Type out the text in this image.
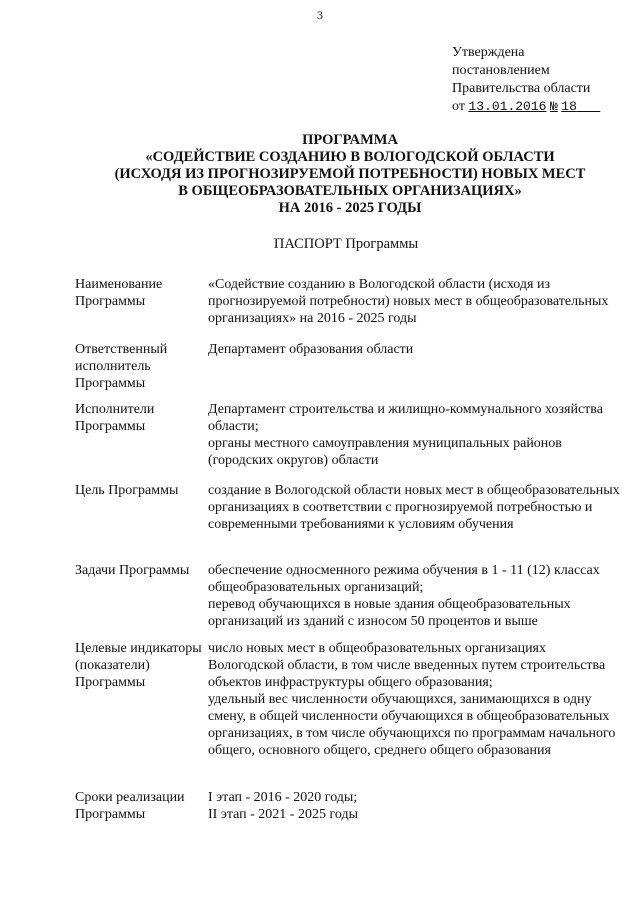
3
Утверждена
постановлением
Правительства области
от 13.01.2016 № 18
ПРОГРАММА
«СОДЕЙСТВИЕ СОЗДАНИЮ В ВОЛОГОДСКОЙ ОБЛАСТИ
(ИСХОДЯ ИЗ ПРОГНОЗИРУЕМОЙ ПОТРЕБНОСТИ) НОВЫХ МЕСТ
В ОБЩЕОБРАЗОВАТЕЛЬНЫХ ОРГАНИЗАЦИЯХ»
НА 2016 - 2025 ГОДЫ
ПАСПОРТ Программы
Наименование Программы

«Содействие созданию в Вологодской области (исходя из прогнозируемой потребности) новых мест в общеобразовательных организациях» на 2016 - 2025 годы

Ответственный исполнитель Программы

Департамент образования области

Исполнители Программы

Департамент строительства и жилищно-коммунального хозяйства области;

органы местного самоуправления муниципальных районов (городских округов) области

Цель Программы	создание в Вологодской области новых мест в общеобразовательных организациях в соответствии с прогнозируемой потребностью и современными требованиями к условиям обучения

Задачи Программы	обеспечение односменного режима обучения в 1 - 11 (12) классах общеобразовательных организаций;

перевод обучающихся в новые здания общеобразовательных организаций из зданий с износом 50 процентов и выше

Целевые индикаторы (показатели) Программы

число новых мест в общеобразовательных организациях Вологодской области, в том числе введенных путем строительства объектов инфраструктуры общего образования;

удельный вес численности обучающихся, занимающихся в одну смену, в общей численности обучающихся в общеобразовательных организациях, в том числе обучающихся по программам начального общего, основного общего, среднего общего образования

Сроки реализации Программы

I этап - 2016 - 2020 годы;

II этап - 2021 - 2025 годы
